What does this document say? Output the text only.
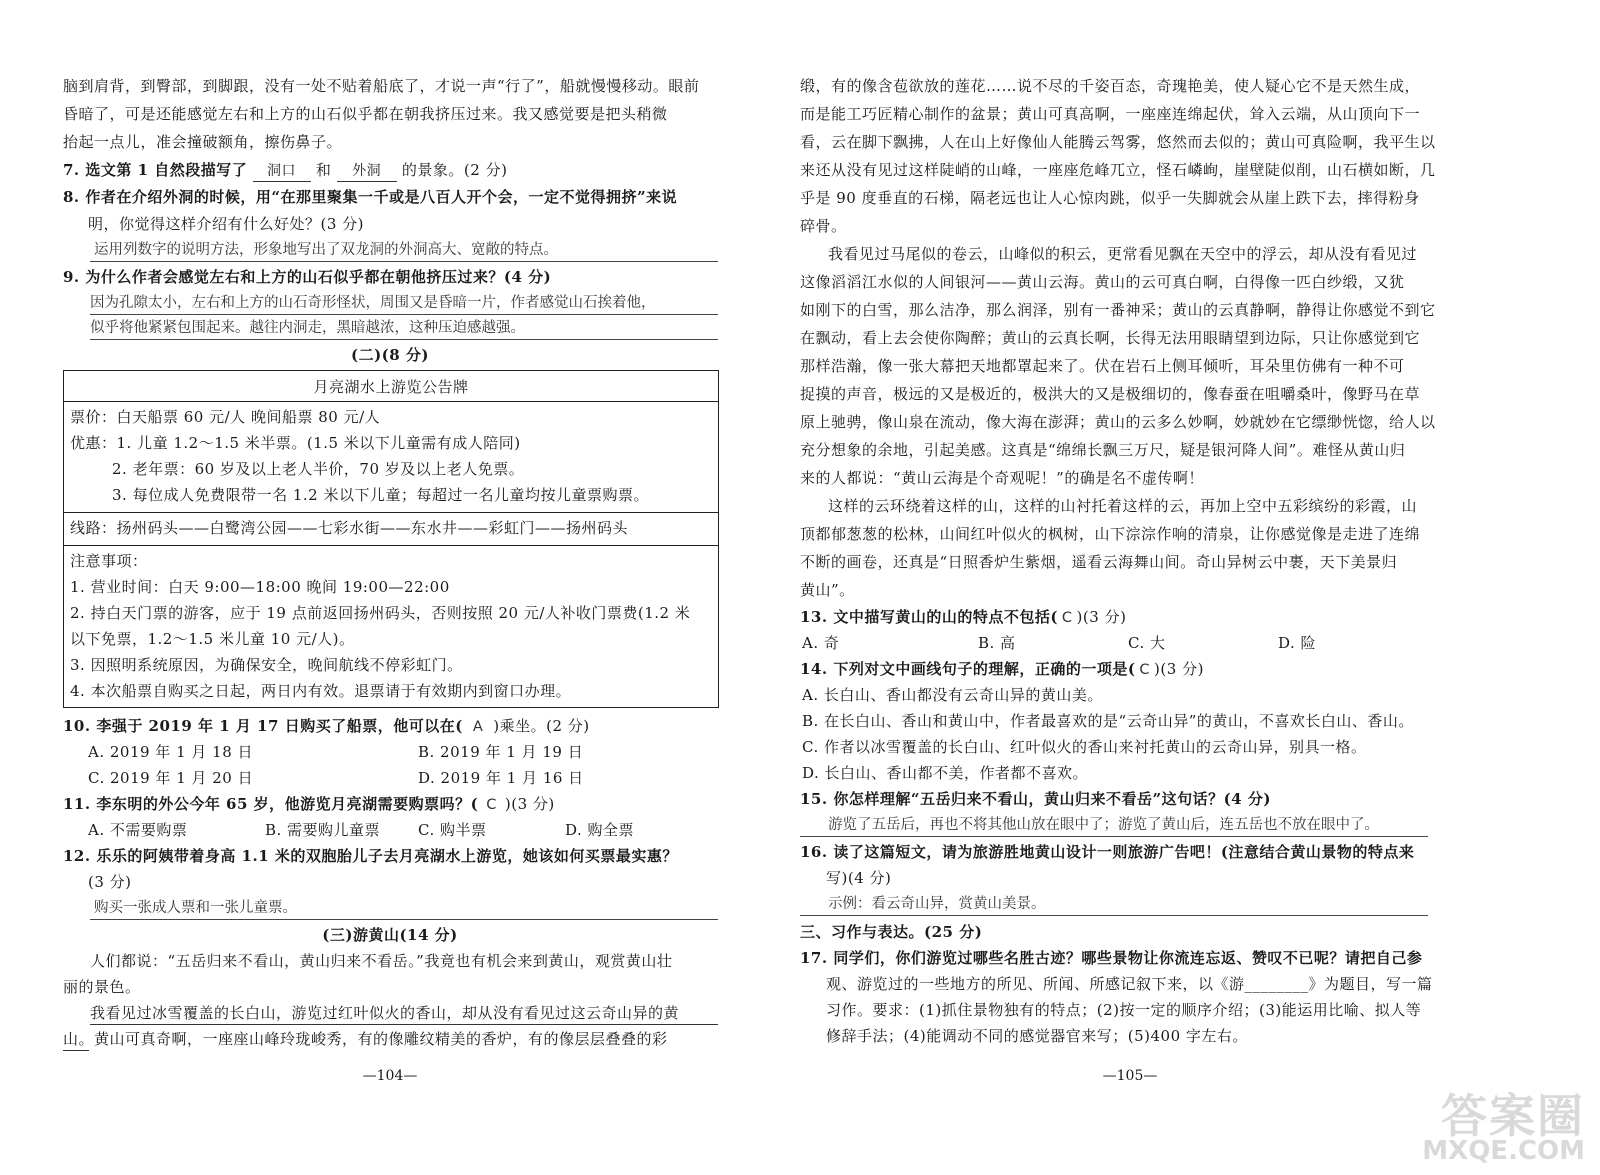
脑到肩背，到臀部，到脚跟，没有一处不贴着船底了，才说一声“行了”，船就慢慢移动。眼前
昏暗了，可是还能感觉左右和上方的山石似乎都在朝我挤压过来。我又感觉要是把头稍微
抬起一点儿，准会撞破额角，擦伤鼻子。
7. 选文第 1 自然段描写了 洞口 和 外洞 的景象。(2 分)
8. 作者在介绍外洞的时候，用“在那里聚集一千或是八百人开个会，一定不觉得拥挤”来说
明，你觉得这样介绍有什么好处？(3 分)
运用列数字的说明方法，形象地写出了双龙洞的外洞高大、宽敞的特点。
9. 为什么作者会感觉左右和上方的山石似乎都在朝他挤压过来？(4 分)
因为孔隙太小，左右和上方的山石奇形怪状，周围又是昏暗一片，作者感觉山石挨着他，
似乎将他紧紧包围起来。越往内洞走，黑暗越浓，这种压迫感越强。
(二)(8 分)
月亮湖水上游览公告牌
票价：白天船票 60 元/人 晚间船票 80 元/人
优惠：1. 儿童 1.2～1.5 米半票。(1.5 米以下儿童需有成人陪同)
2. 老年票：60 岁及以上老人半价，70 岁及以上老人免票。
3. 每位成人免费限带一名 1.2 米以下儿童；每超过一名儿童均按儿童票购票。
线路：扬州码头——白鹭湾公园——七彩水街——东水井——彩虹门——扬州码头
注意事项：
1. 营业时间：白天 9:00—18:00 晚间 19:00—22:00
2. 持白天门票的游客，应于 19 点前返回扬州码头，否则按照 20 元/人补收门票费(1.2 米
以下免票，1.2～1.5 米儿童 10 元/人)。
3. 因照明系统原因，为确保安全，晚间航线不停彩虹门。
4. 本次船票自购买之日起，两日内有效。退票请于有效期内到窗口办理。
10. 李强于 2019 年 1 月 17 日购买了船票，他可以在( A )乘坐。(2 分)
A. 2019 年 1 月 18 日	B. 2019 年 1 月 19 日
C. 2019 年 1 月 20 日	D. 2019 年 1 月 16 日
11. 李东明的外公今年 65 岁，他游览月亮湖需要购票吗？( C )(3 分)
A. 不需要购票	B. 需要购儿童票	C. 购半票	D. 购全票
12. 乐乐的阿姨带着身高 1.1 米的双胞胎儿子去月亮湖水上游览，她该如何买票最实惠？
(3 分)
购买一张成人票和一张儿童票。
(三)游黄山(14 分)
人们都说：“五岳归来不看山，黄山归来不看岳。”我竟也有机会来到黄山，观赏黄山壮
丽的景色。
我看见过冰雪覆盖的长白山，游览过红叶似火的香山，却从没有看见过这云奇山异的黄
山。黄山可真奇啊，一座座山峰玲珑峻秀，有的像雕纹精美的香炉，有的像层层叠叠的彩
—104—
缎，有的像含苞欲放的莲花……说不尽的千姿百态，奇瑰艳美，使人疑心它不是天然生成，
而是能工巧匠精心制作的盆景；黄山可真高啊，一座座连绵起伏，耸入云端，从山顶向下一
看，云在脚下飘拂，人在山上好像仙人能腾云驾雾，悠然而去似的；黄山可真险啊，我平生以
来还从没有见过这样陡峭的山峰，一座座危峰兀立，怪石嶙峋，崖壁陡似削，山石横如断，几
乎是 90 度垂直的石梯，隔老远也让人心惊肉跳，似乎一失脚就会从崖上跌下去，摔得粉身
碎骨。
我看见过马尾似的卷云，山峰似的积云，更常看见飘在天空中的浮云，却从没有看见过
这像滔滔江水似的人间银河——黄山云海。黄山的云可真白啊，白得像一匹白纱缎，又犹
如刚下的白雪，那么洁净，那么润泽，别有一番神采；黄山的云真静啊，静得让你感觉不到它
在飘动，看上去会使你陶醉；黄山的云真长啊，长得无法用眼睛望到边际，只让你感觉到它
那样浩瀚，像一张大幕把天地都罩起来了。伏在岩石上侧耳倾听，耳朵里仿佛有一种不可
捉摸的声音，极远的又是极近的，极洪大的又是极细切的，像春蚕在咀嚼桑叶，像野马在草
原上驰骋，像山泉在流动，像大海在澎湃；黄山的云多么妙啊，妙就妙在它缥缈恍惚，给人以
充分想象的余地，引起美感。这真是“绵绵长飘三万尺，疑是银河降人间”。难怪从黄山归
来的人都说：“黄山云海是个奇观呢！”的确是名不虚传啊！
这样的云环绕着这样的山，这样的山衬托着这样的云，再加上空中五彩缤纷的彩霞，山
顶都郁葱葱的松林，山间红叶似火的枫树，山下淙淙作响的清泉，让你感觉像是走进了连绵
不断的画卷，还真是“日照香炉生紫烟，遥看云海舞山间。奇山异树云中裹，天下美景归
黄山”。
13. 文中描写黄山的山的特点不包括( C )(3 分)
A. 奇	B. 高	C. 大	D. 险
14. 下列对文中画线句子的理解，正确的一项是( C )(3 分)
A. 长白山、香山都没有云奇山异的黄山美。
B. 在长白山、香山和黄山中，作者最喜欢的是“云奇山异”的黄山，不喜欢长白山、香山。
C. 作者以冰雪覆盖的长白山、红叶似火的香山来衬托黄山的云奇山异，别具一格。
D. 长白山、香山都不美，作者都不喜欢。
15. 你怎样理解“五岳归来不看山，黄山归来不看岳”这句话？(4 分)
游览了五岳后，再也不将其他山放在眼中了；游览了黄山后，连五岳也不放在眼中了。
16. 读了这篇短文，请为旅游胜地黄山设计一则旅游广告吧！(注意结合黄山景物的特点来
写)(4 分)
示例：看云奇山异，赏黄山美景。
三、习作与表达。(25 分)
17. 同学们，你们游览过哪些名胜古迹？哪些景物让你流连忘返、赞叹不已呢？请把自己参
观、游览过的一些地方的所见、所闻、所感记叙下来，以《游________》为题目，写一篇
习作。要求：(1)抓住景物独有的特点；(2)按一定的顺序介绍；(3)能运用比喻、拟人等
修辞手法；(4)能调动不同的感觉器官来写；(5)400 字左右。
—105—
答案圈
MXQE.COM
